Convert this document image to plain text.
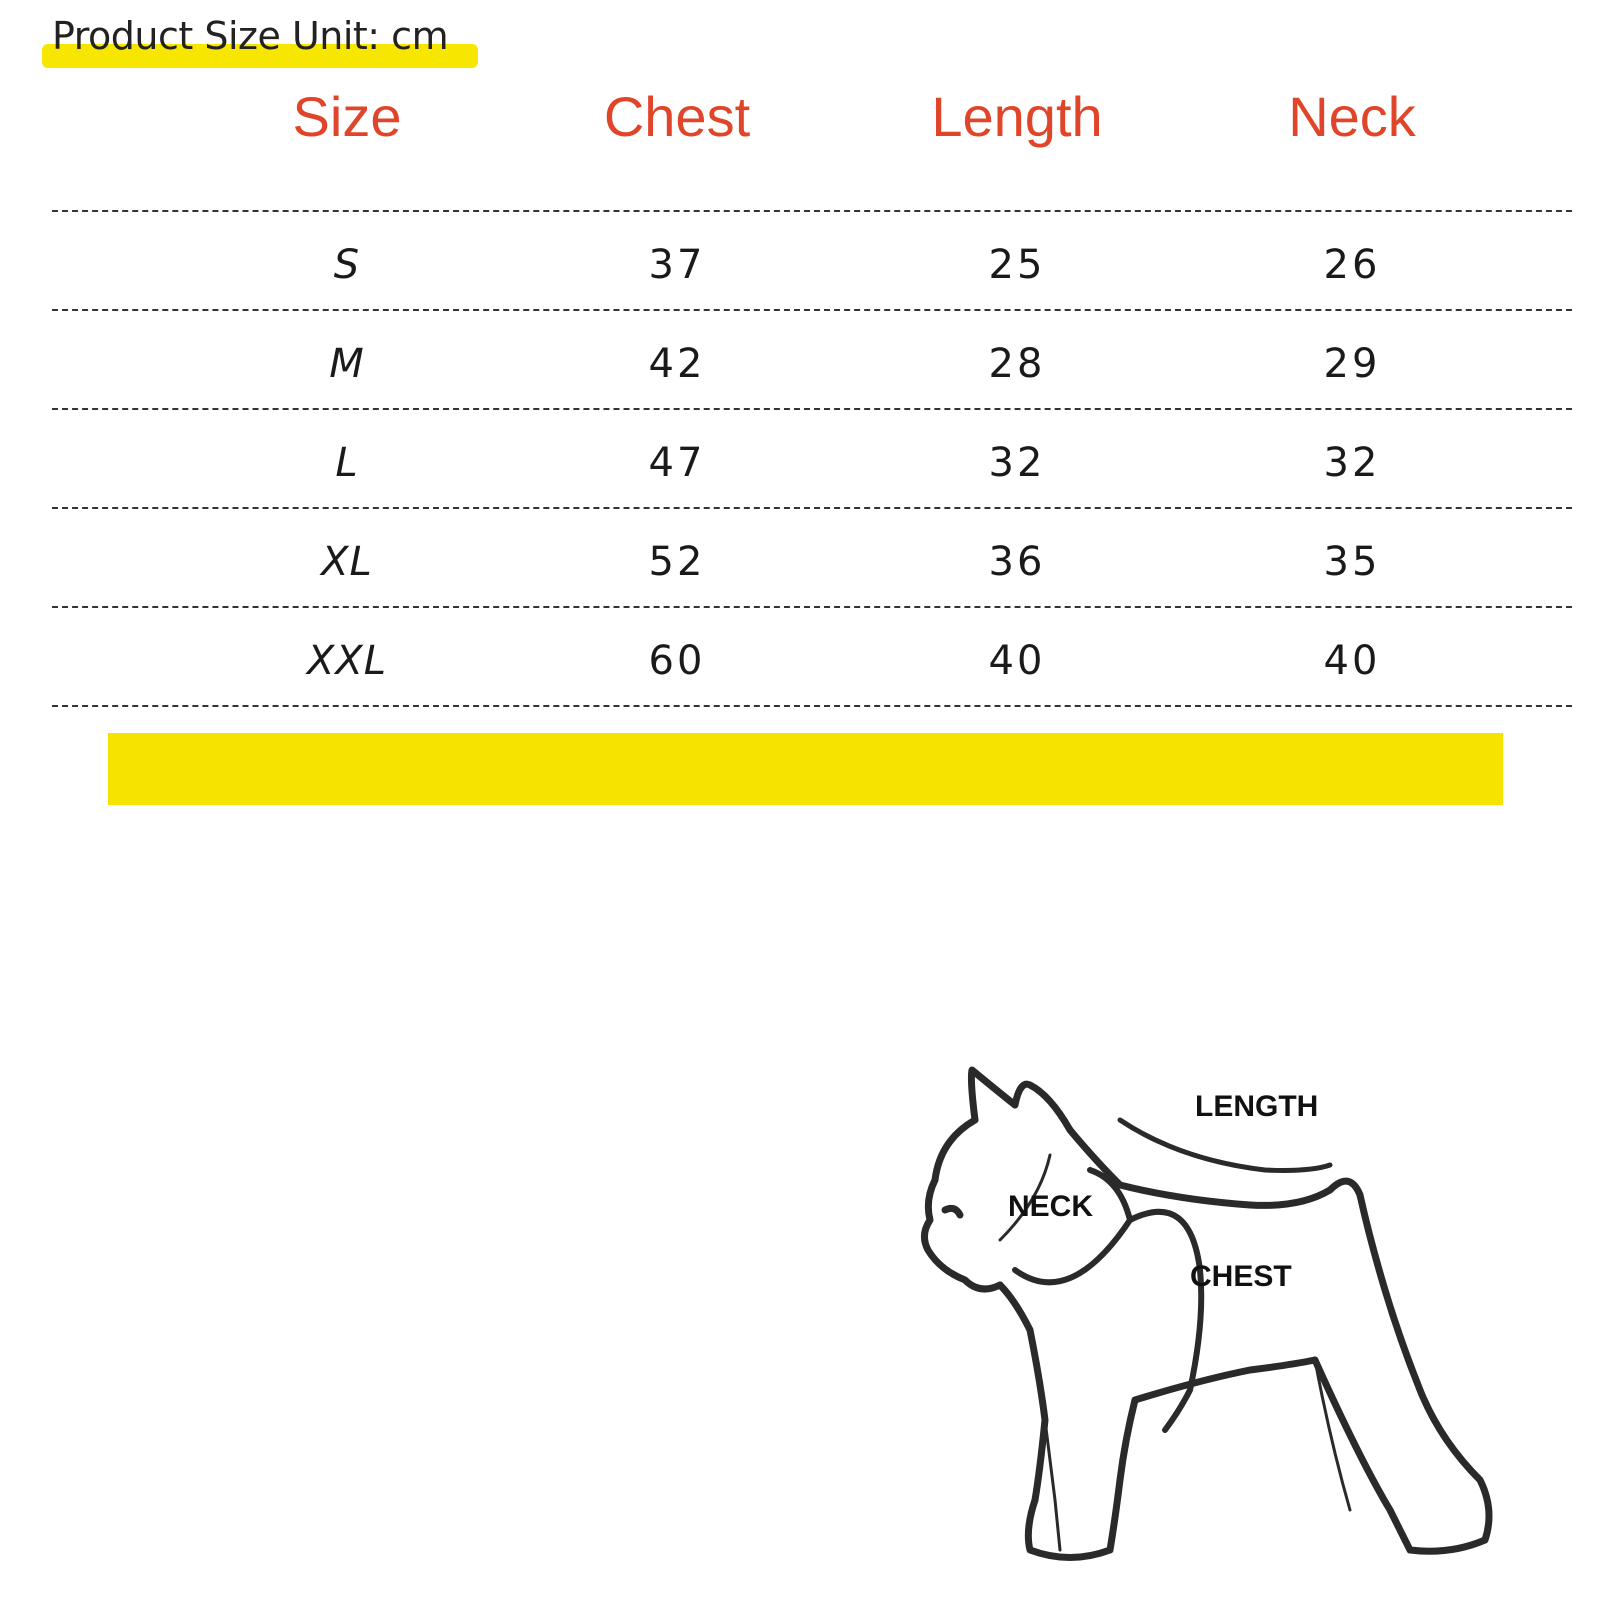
Product Size Unit: cm
Size	Chest	Length	Neck
S	37	25	26
M	42	28	29
L	47	32	32
XL	52	36	35
XXL	60	40	40
LENGTH
NECK
CHEST
